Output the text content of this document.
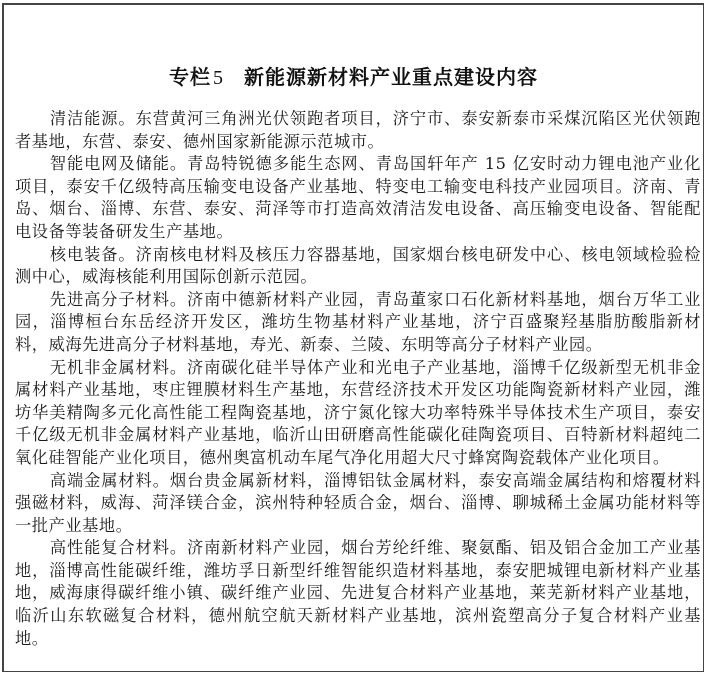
专栏 5 新能源新材料产业重点建设内容

清洁能源。东营黄河三角洲光伏领跑者项目，济宁市、泰安新泰市采煤沉陷区光伏领跑者基地，东营、泰安、德州国家新能源示范城市。

智能电网及储能。青岛特锐德多能生态网、青岛国轩年产 15 亿安时动力锂电池产业化项目，泰安千亿级特高压输变电设备产业基地、特变电工输变电科技产业园项目。济南、青岛、烟台、淄博、东营、泰安、菏泽等市打造高效清洁发电设备、高压输变电设备、智能配电设备等装备研发生产基地。

核电装备。济南核电材料及核压力容器基地，国家烟台核电研发中心、核电领域检验检测中心，威海核能利用国际创新示范园。

先进高分子材料。济南中德新材料产业园，青岛董家口石化新材料基地，烟台万华工业园，淄博桓台东岳经济开发区，潍坊生物基材料产业基地，济宁百盛聚羟基脂肪酸脂新材料，威海先进高分子材料基地，寿光、新泰、兰陵、东明等高分子材料产业园。

无机非金属材料。济南碳化硅半导体产业和光电子产业基地，淄博千亿级新型无机非金属材料产业基地，枣庄锂膜材料生产基地，东营经济技术开发区功能陶瓷新材料产业园，潍坊华美精陶多元化高性能工程陶瓷基地，济宁氮化镓大功率特殊半导体技术生产项目，泰安千亿级无机非金属材料产业基地，临沂山田研磨高性能碳化硅陶瓷项目、百特新材料超纯二氧化硅智能产业化项目，德州奥富机动车尾气净化用超大尺寸蜂窝陶瓷载体产业化项目。

高端金属材料。烟台贵金属新材料，淄博铝钛金属材料，泰安高端金属结构和熔覆材料强磁材料，威海、菏泽镁合金，滨州特种轻质合金，烟台、淄博、聊城稀土金属功能材料等一批产业基地。

高性能复合材料。济南新材料产业园，烟台芳纶纤维、聚氨酯、铝及铝合金加工产业基地，淄博高性能碳纤维，潍坊孚日新型纤维智能织造材料基地，泰安肥城锂电新材料产业基地，威海康得碳纤维小镇、碳纤维产业园、先进复合材料产业基地，莱芜新材料产业基地，临沂山东软磁复合材料，德州航空航天新材料产业基地，滨州瓷塑高分子复合材料产业基地。
